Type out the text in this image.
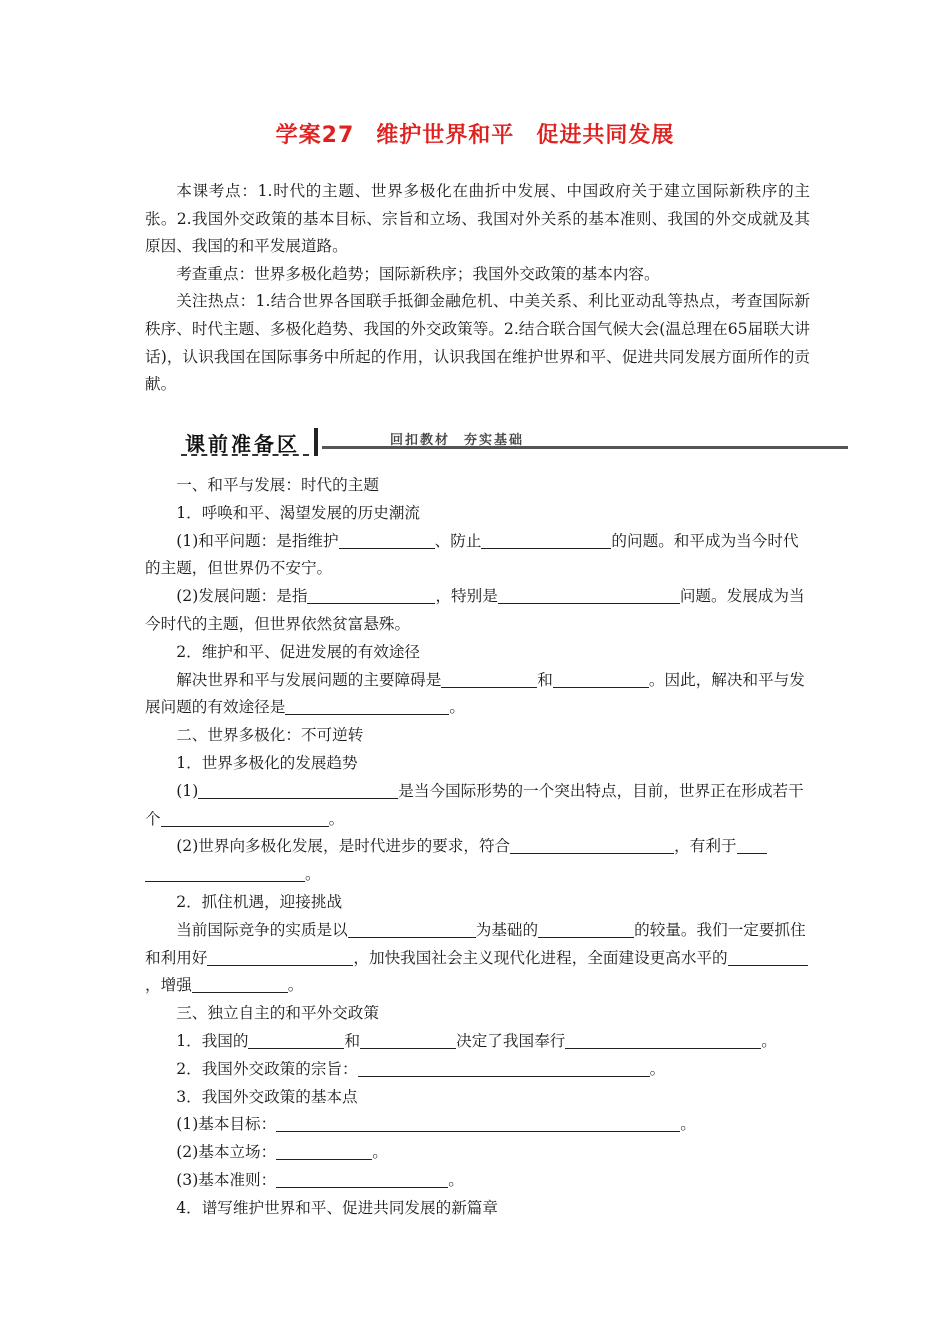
学案27 维护世界和平 促进共同发展

本课考点：1.时代的主题、世界多极化在曲折中发展、中国政府关于建立国际新秩序的主张。2.我国外交政策的基本目标、宗旨和立场、我国对外关系的基本准则、我国的外交成就及其原因、我国的和平发展道路。

考查重点：世界多极化趋势；国际新秩序；我国外交政策的基本内容。

关注热点：1.结合世界各国联手抵御金融危机、中美关系、利比亚动乱等热点，考查国际新秩序、时代主题、多极化趋势、我国的外交政策等。2.结合联合国气候大会(温总理在65届联大讲话)，认识我国在国际事务中所起的作用，认识我国在维护世界和平、促进共同发展方面所作的贡献。

课前准备区	回扣教材 夯实基础

一、和平与发展：时代的主题

1．呼唤和平、渴望发展的历史潮流

(1)和平问题：是指维护	、防止	的问题。和平成为当今时代的主题，但世界仍不安宁。

(2)发展问题：是指	，特别是	问题。发展成为当今时代的主题，但世界依然贫富悬殊。

2．维护和平、促进发展的有效途径

解决世界和平与发展问题的主要障碍是	和	。因此，解决和平与发展问题的有效途径是	。

二、世界多极化：不可逆转

1．世界多极化的发展趋势

(1)	是当今国际形势的一个突出特点，目前，世界正在形成若干个	。

(2)世界向多极化发展，是时代进步的要求，符合	，有利于。

2．抓住机遇，迎接挑战

当前国际竞争的实质是以	为基础的	的较量。我们一定要抓住和利用好	，加快我国社会主义现代化进程，全面建设更高水平的，增强	。

三、独立自主的和平外交政策

1．我国的	和	决定了我国奉行	。

2．我国外交政策的宗旨：	。

3．我国外交政策的基本点

(1)基本目标：	。

(2)基本立场：	。

(3)基本准则：	。

4．谱写维护世界和平、促进共同发展的新篇章
